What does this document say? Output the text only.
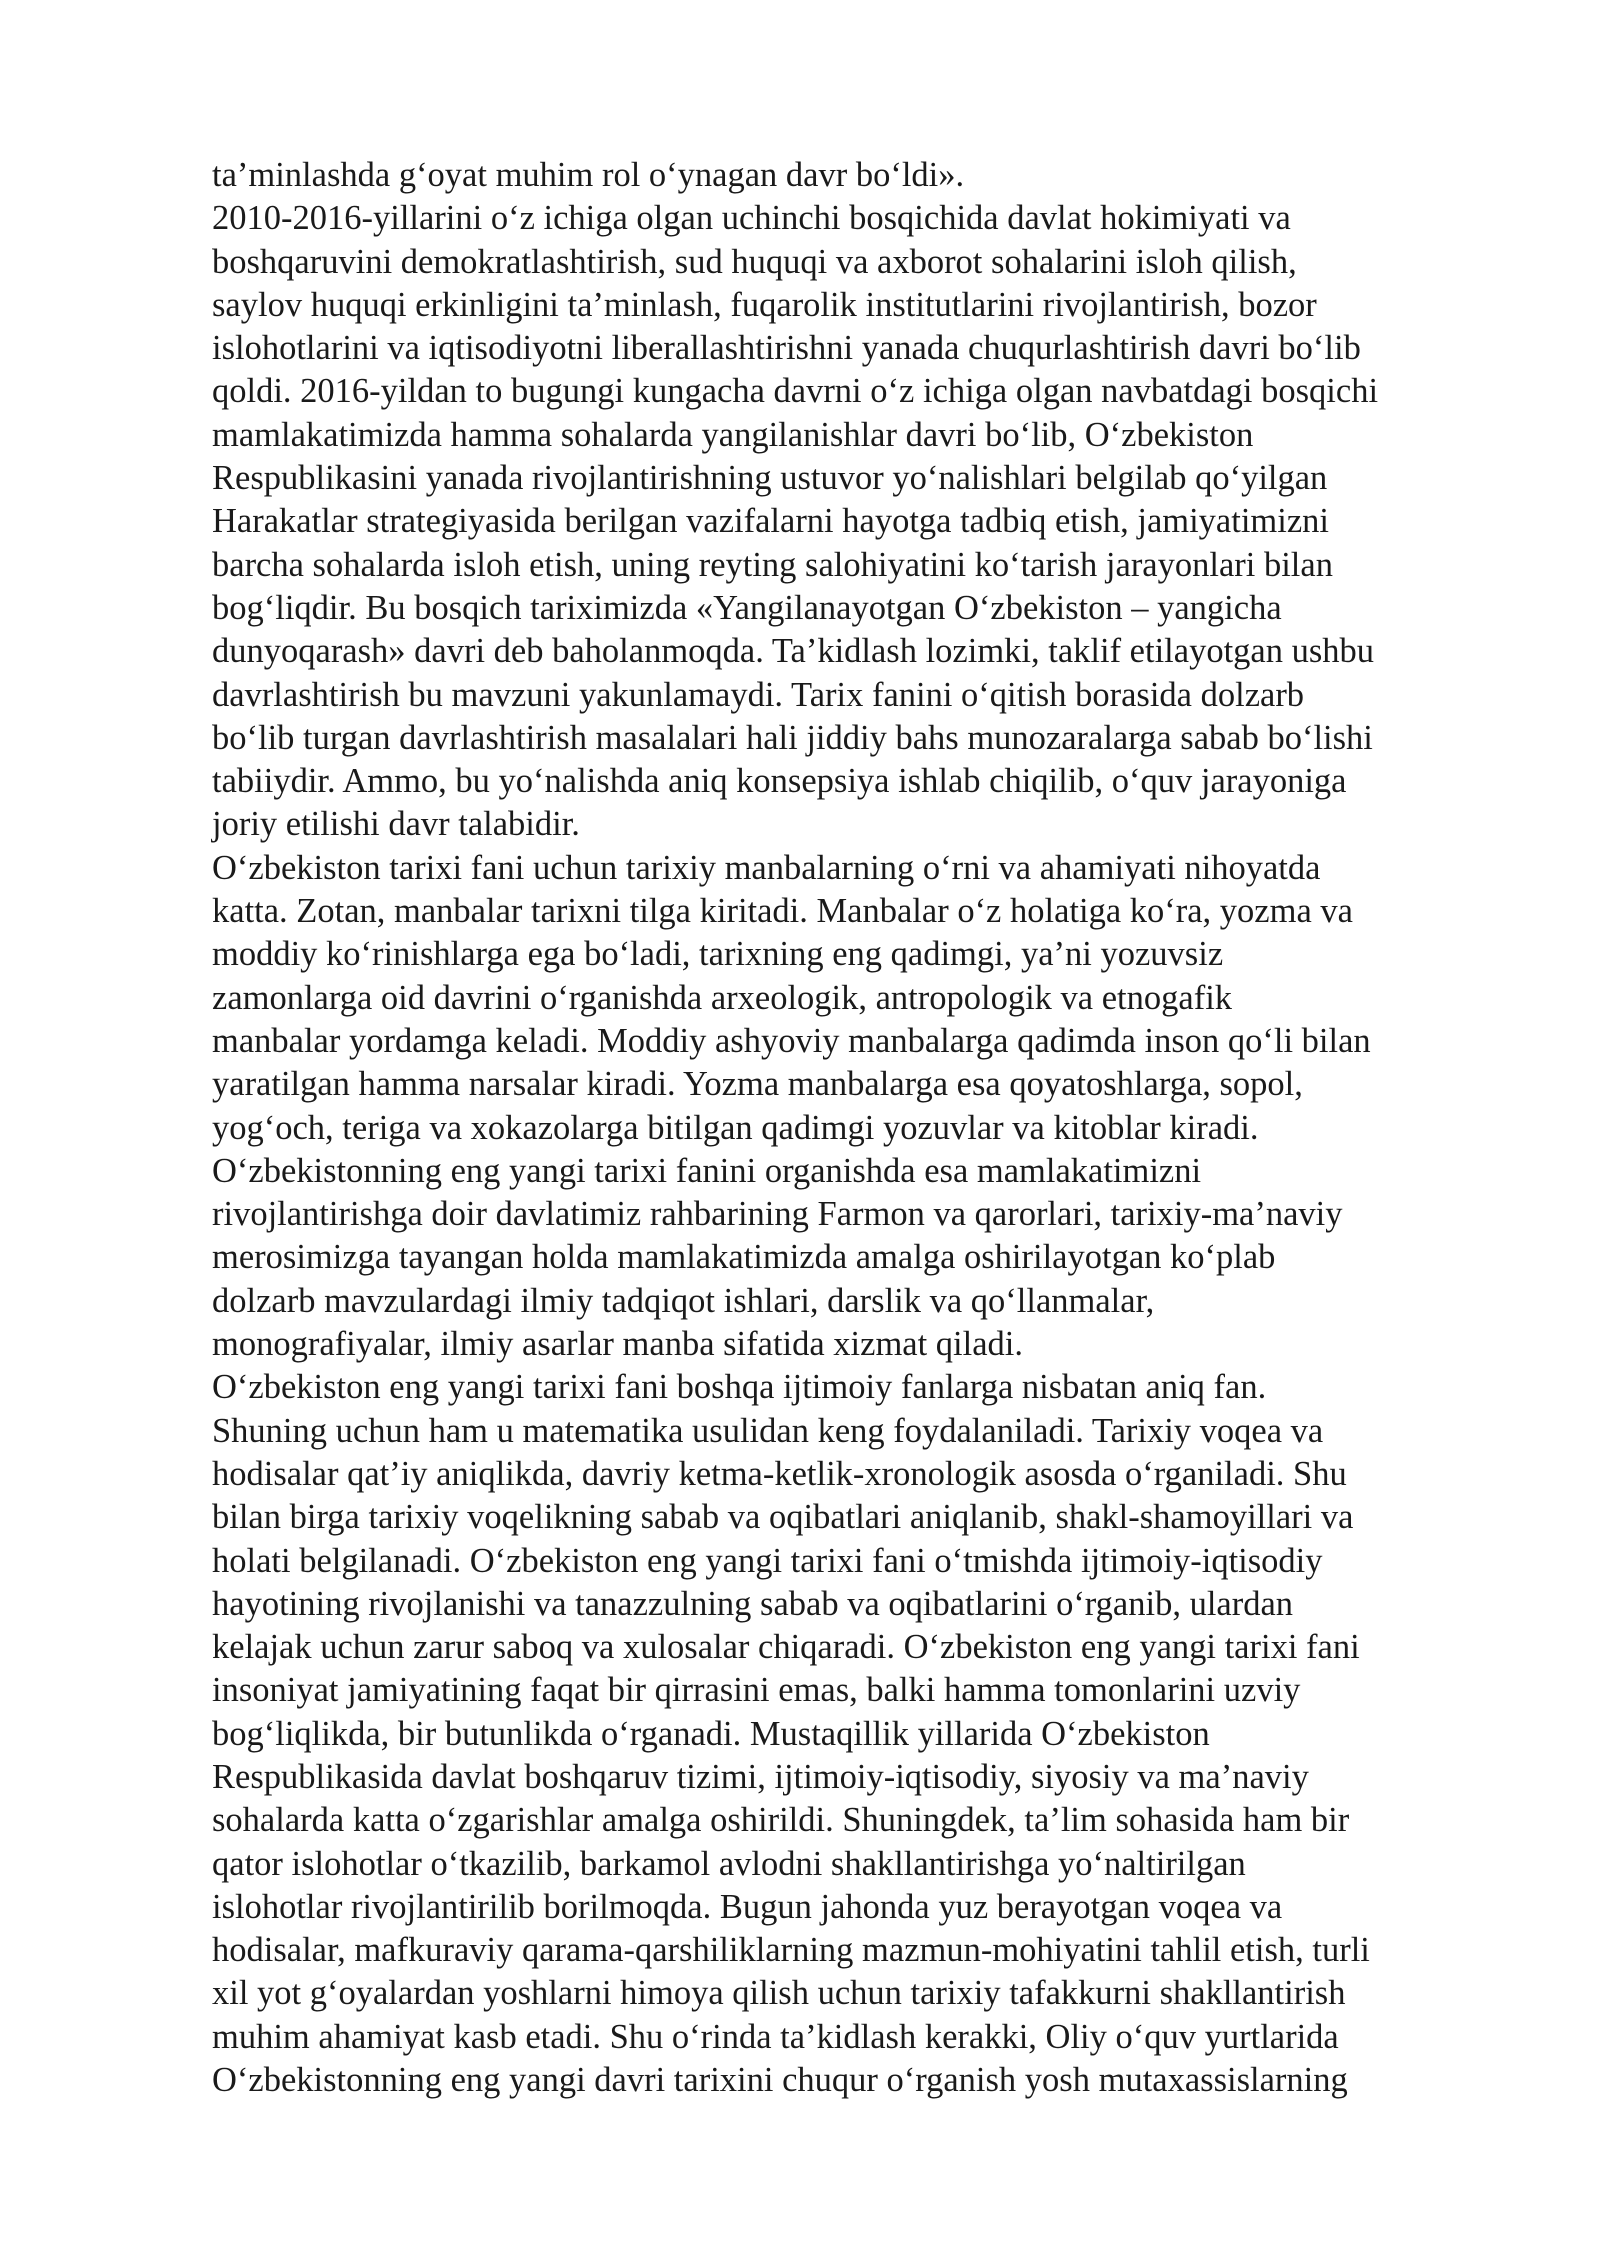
ta’minlashda g‘oyat muhim rol o‘ynagan davr bo‘ldi».
2010-2016-yillarini o‘z ichiga olgan uchinchi bosqichida davlat hokimiyati va
boshqaruvini demokratlashtirish, sud huquqi va axborot sohalarini isloh qilish,
saylov huquqi erkinligini ta’minlash, fuqarolik institutlarini rivojlantirish, bozor
islohotlarini va iqtisodiyotni liberallashtirishni yanada chuqurlashtirish davri bo‘lib
qoldi. 2016-yildan to bugungi kungacha davrni o‘z ichiga olgan navbatdagi bosqichi
mamlakatimizda hamma sohalarda yangilanishlar davri bo‘lib, O‘zbekiston
Respublikasini yanada rivojlantirishning ustuvor yo‘nalishlari belgilab qo‘yilgan
Harakatlar strategiyasida berilgan vazifalarni hayotga tadbiq etish, jamiyatimizni
barcha sohalarda isloh etish, uning reyting salohiyatini ko‘tarish jarayonlari bilan
bog‘liqdir. Bu bosqich tariximizda «Yangilanayotgan O‘zbekiston – yangicha
dunyoqarash» davri deb baholanmoqda. Ta’kidlash lozimki, taklif etilayotgan ushbu
davrlashtirish bu mavzuni yakunlamaydi. Tarix fanini o‘qitish borasida dolzarb
bo‘lib turgan davrlashtirish masalalari hali jiddiy bahs munozaralarga sabab bo‘lishi
tabiiydir. Ammo, bu yo‘nalishda aniq konsepsiya ishlab chiqilib, o‘quv jarayoniga
joriy etilishi davr talabidir.
O‘zbekiston tarixi fani uchun tarixiy manbalarning o‘rni va ahamiyati nihoyatda
katta. Zotan, manbalar tarixni tilga kiritadi. Manbalar o‘z holatiga ko‘ra, yozma va
moddiy ko‘rinishlarga ega bo‘ladi, tarixning eng qadimgi, ya’ni yozuvsiz
zamonlarga oid davrini o‘rganishda arxeologik, antropologik va etnogafik
manbalar yordamga keladi. Moddiy ashyoviy manbalarga qadimda inson qo‘li bilan
yaratilgan hamma narsalar kiradi. Yozma manbalarga esa qoyatoshlarga, sopol,
yog‘och, teriga va xokazolarga bitilgan qadimgi yozuvlar va kitoblar kiradi.
O‘zbekistonning eng yangi tarixi fanini organishda esa mamlakatimizni
rivojlantirishga doir davlatimiz rahbarining Farmon va qarorlari, tarixiy-ma’naviy
merosimizga tayangan holda mamlakatimizda amalga oshirilayotgan ko‘plab
dolzarb mavzulardagi ilmiy tadqiqot ishlari, darslik va qo‘llanmalar,
monografiyalar, ilmiy asarlar manba sifatida xizmat qiladi.
O‘zbekiston eng yangi tarixi fani boshqa ijtimoiy fanlarga nisbatan aniq fan.
Shuning uchun ham u matematika usulidan keng foydalaniladi. Tarixiy voqea va
hodisalar qat’iy aniqlikda, davriy ketma-ketlik-xronologik asosda o‘rganiladi. Shu
bilan birga tarixiy voqelikning sabab va oqibatlari aniqlanib, shakl-shamoyillari va
holati belgilanadi. O‘zbekiston eng yangi tarixi fani o‘tmishda ijtimoiy-iqtisodiy
hayotining rivojlanishi va tanazzulning sabab va oqibatlarini o‘rganib, ulardan
kelajak uchun zarur saboq va xulosalar chiqaradi. O‘zbekiston eng yangi tarixi fani
insoniyat jamiyatining faqat bir qirrasini emas, balki hamma tomonlarini uzviy
bog‘liqlikda, bir butunlikda o‘rganadi. Mustaqillik yillarida O‘zbekiston
Respublikasida davlat boshqaruv tizimi, ijtimoiy-iqtisodiy, siyosiy va ma’naviy
sohalarda katta o‘zgarishlar amalga oshirildi. Shuningdek, ta’lim sohasida ham bir
qator islohotlar o‘tkazilib, barkamol avlodni shakllantirishga yo‘naltirilgan
islohotlar rivojlantirilib borilmoqda. Bugun jahonda yuz berayotgan voqea va
hodisalar, mafkuraviy qarama-qarshiliklarning mazmun-mohiyatini tahlil etish, turli
xil yot g‘oyalardan yoshlarni himoya qilish uchun tarixiy tafakkurni shakllantirish
muhim ahamiyat kasb etadi. Shu o‘rinda ta’kidlash kerakki, Oliy o‘quv yurtlarida
O‘zbekistonning eng yangi davri tarixini chuqur o‘rganish yosh mutaxassislarning
